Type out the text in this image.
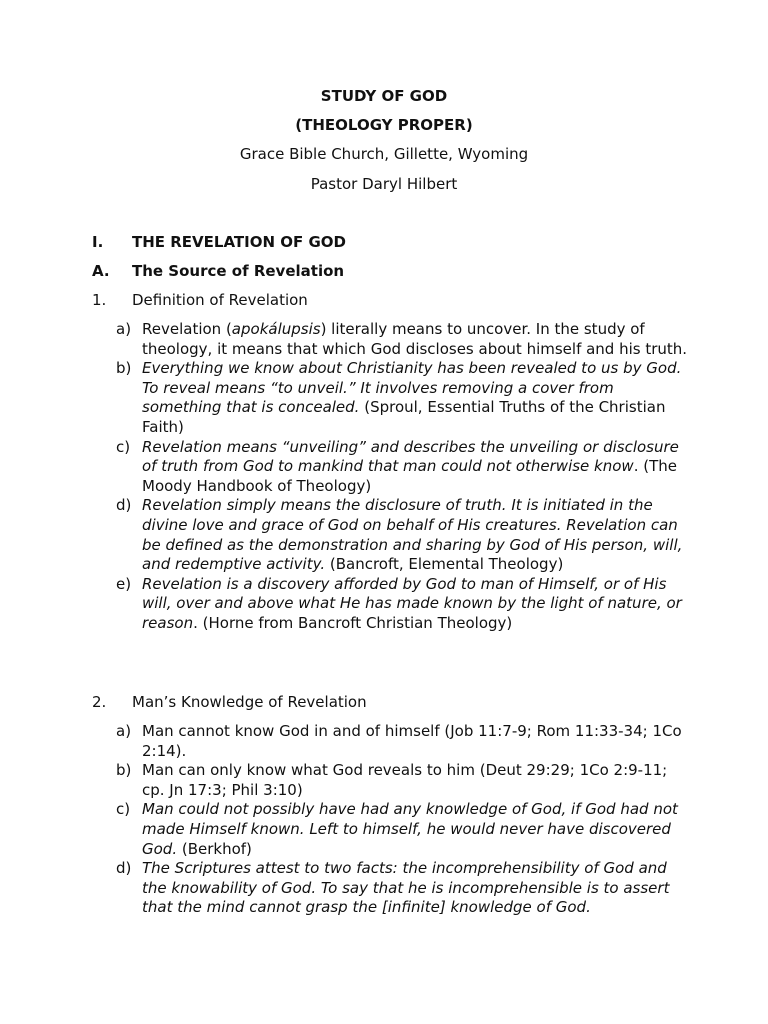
STUDY OF GOD
(THEOLOGY PROPER)
Grace Bible Church, Gillette, Wyoming
Pastor Daryl Hilbert
I. THE REVELATION OF GOD
A. The Source of Revelation
1. Definition of Revelation
a) Revelation (apokálupsis) literally means to uncover. In the study of theology, it means that which God discloses about himself and his truth.
b) Everything we know about Christianity has been revealed to us by God. To reveal means “to unveil.” It involves removing a cover from something that is concealed. (Sproul, Essential Truths of the Christian Faith)
c) Revelation means “unveiling” and describes the unveiling or disclosure of truth from God to mankind that man could not otherwise know. (The Moody Handbook of Theology)
d) Revelation simply means the disclosure of truth. It is initiated in the divine love and grace of God on behalf of His creatures. Revelation can be defined as the demonstration and sharing by God of His person, will, and redemptive activity. (Bancroft, Elemental Theology)
e) Revelation is a discovery afforded by God to man of Himself, or of His will, over and above what He has made known by the light of nature, or reason. (Horne from Bancroft Christian Theology)
2. Man’s Knowledge of Revelation
a) Man cannot know God in and of himself (Job 11:7-9; Rom 11:33-34; 1Co 2:14).
b) Man can only know what God reveals to him (Deut 29:29; 1Co 2:9-11; cp. Jn 17:3; Phil 3:10)
c) Man could not possibly have had any knowledge of God, if God had not made Himself known. Left to himself, he would never have discovered God. (Berkhof)
d) The Scriptures attest to two facts: the incomprehensibility of God and the knowability of God. To say that he is incomprehensible is to assert that the mind cannot grasp the [infinite] knowledge of God.
